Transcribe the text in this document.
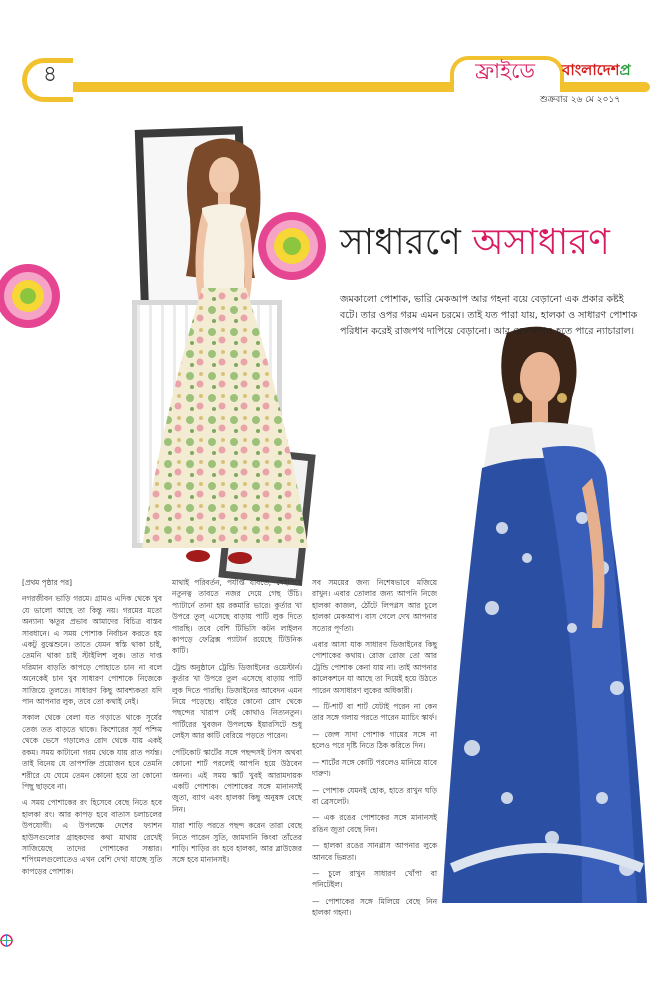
৪	ফ্রাইডে	বাংলাদেশপ্র
শুক্রবার ২৬ মে ২০১৭
সাধারণে অসাধারণ
জমকালো পোশাক, ভারি মেকআপ আর গহনা বয়ে বেড়ানো এক প্রকার কষ্টই বটে। তার ওপর গরম এমন চরমে। তাই যত পারা যায়, হালকা ও সাধারণ পোশাক পরিধান করেই রাজপথ দাপিয়ে বেড়ানো। আর মেকআপও হতে পারে ন্যাচারাল।

[প্রথম পৃষ্ঠার পর]

নগরজীবন ভাড়ি গরমে। গ্রামও এদিক থেকে খুব যে ভালো আছে তা কিন্তু নয়। গরমের মতো অন্যান্য ঋতুর প্রভাব আমাদের বিচিত্র বাস্তব সাবধানে। এ সময় পোশাক নির্বাচন করতে হয় একটু বুঝেশুনে। তাতে যেমন স্বস্তি থাকা চাই, তেমনি থাকা চাই স্টাইলিশ লুক। তাত দাপ্ত দরিমান বাড়তি কাপড়ে পোহাতে চান না বলে অনেকেই চান খুব সাধারণ পোশাকে নিজেকে সাজিয়ে তুলতে। সাধারণ কিছু আবশ্যকতা যদি পান আপনার লুক, তবে তো কথাই নেই।

সকাল থেকে বেলা যত গড়াতে থাকে সূর্যের তেজ তত বাড়তে থাকে। কিশোরের সূর্য পশ্চিম থেকে ভেসে গড়ালেও রোদ থেকে যায় একই রকম। সময় কাটানো গরম থেকে যায় রাত পর্যন্ত। তাই বিনেয় যে তাপশক্তি প্রয়োজন হবে তেমনি শরীরে যে ঘেমে তেমন কোনো হয়ে তা কোনো পিছু ছাড়বে না।

এ সময় পোশাকের রং হিসেবে বেছে নিতে হবে হালকা রং। আর কাপড় হবে বাতাস চলাচলের উপযোগী। এ উপলক্ষে দেশের ফ্যাশন হাউসগুলোর গ্রাহকদের কথা মাথায় রেখেই সাজিয়েছে তাদের পোশাকের সম্ভার। শপিংমলগুলোতেও এখন বেশি দেখা যাচ্ছে সুতি কাপড়ের পোশাক।

মাথাই পরিবর্তন, পর্যাপ্ত যাবতে, শেইপিয়ে নতুনত্ব তাবতে নজর দেয়ে গেছ উঁচি। প্যাটার্নে তানা হয় রকমারি ভারে। কুর্তার খা উপরে তুল্ এসেছে বাড়ায় পাটি লুক দিতে পারছি। তবে বেশি টিভিসি কটন লাইলন কাপড়ে ফেব্রিক্স প্যাটার্ন রয়েছে টিউনিক কাটি।

ট্রেন্ড অনুষ্ঠানে ট্রেন্ডি ডিজাইনের ওয়েস্টার্ন। কুর্তার খা উপরে তুল এসেছে বাড়ায় পাটি লুক দিতে পারছি। ডিজাইনের আবেদন এমন নিয়ে পড়েছে। বাইরে কোনো রোদ থেকে পছন্দের খারাপ নেই কোথাও নিত্যনতুন। পার্টিরের খুবজন উপলক্ষে ইয়ারসিটে শুধু লেইস আর কাটি বেরিয়ে পড়তে পারেন।

পেটিকোট স্কার্টের সঙ্গে পছন্দসই টপস অথবা কোনো শার্ট পরলেই আপনি হয়ে উঠবেন অনন্য। এই সময় স্কার্ট খুবই আরামদায়ক একটি পোশাক। পোশাকের সঙ্গে মানানসই জুতা, ব্যাগ এবং হালকা কিছু অনুষঙ্গ বেছে নিন।

যারা শাড়ি পরতে পছন্দ করেন তারা বেছে নিতে পারেন সুতি, জামদানি কিংবা তাঁতের শাড়ি। শাড়ির রং হবে হালকা, আর ব্লাউজের সঙ্গে হবে মানানসই।

সব সময়ের জন্য নিশেষভাবে মজিয়ে রাখুন। এবার তোলার জন্য আপনি নিজে হালকা কাজল, ঠোঁটে লিপগ্লস আর চুলে হালকা মেকআপ। বাস গেলে দেখ আপনার সত্যের পূর্ণতা।

এবার আসা যাক সাধারণ ডিজাইনের কিছু পোশাকের কথায়। রোজ রোজ তো আর ট্রেন্ডি পোশাক কেনা যায় না। তাই আপনার কালেকশনে যা আছে তা দিয়েই হয়ে উঠতে পারেন অসাধারণ লুকের অধিকারী।

— টি-শার্ট বা শার্ট যেটাই পরেন না কেন তার সঙ্গে গলায় পরতে পারেন ম্যাচিং স্কার্ফ।

— জেন্স সাদা পোশাক গায়ের সঙ্গে না হলেও পরে দৃষ্টি নিতে ঠিক করিতে দিন।

— শার্টের সঙ্গে কোটি পরলেও মানিয়ে যাবে দারুণ।

— পোশাক যেমনই হোক, হাতে রাখুন ঘড়ি বা ব্রেসলেট।

— এক রঙের পোশাকের সঙ্গে মানানসই রঙিন জুতা বেছে নিন।

— হালকা রঙের সানগ্লাস আপনার লুকে আনবে ভিন্নতা।

— চুলে রাখুন সাধারণ খোঁপা বা পনিটেইল।

— পোশাকের সঙ্গে মিলিয়ে বেছে নিন হালকা গহনা।
